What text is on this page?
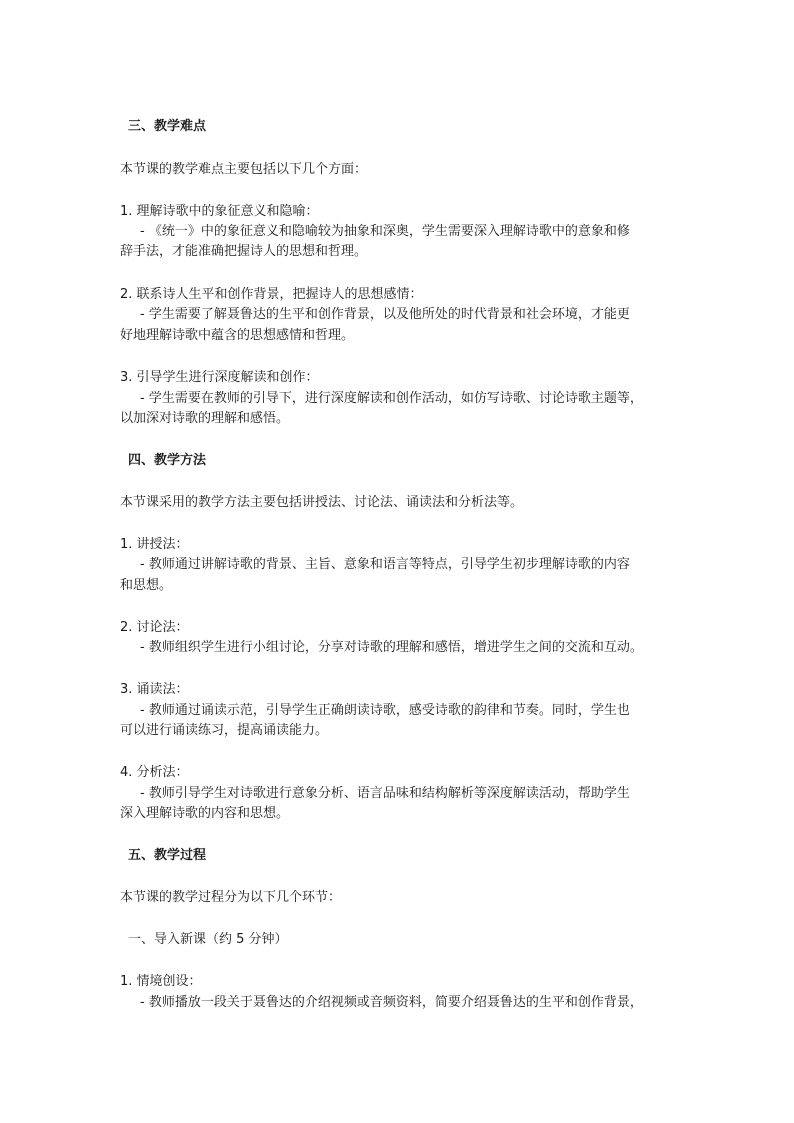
三、教学难点
本节课的教学难点主要包括以下几个方面：
1. 理解诗歌中的象征意义和隐喻：
- 《统一》中的象征意义和隐喻较为抽象和深奥，学生需要深入理解诗歌中的意象和修
辞手法，才能准确把握诗人的思想和哲理。
2. 联系诗人生平和创作背景，把握诗人的思想感情：
- 学生需要了解聂鲁达的生平和创作背景，以及他所处的时代背景和社会环境，才能更
好地理解诗歌中蕴含的思想感情和哲理。
3. 引导学生进行深度解读和创作：
- 学生需要在教师的引导下，进行深度解读和创作活动，如仿写诗歌、讨论诗歌主题等，
以加深对诗歌的理解和感悟。
四、教学方法
本节课采用的教学方法主要包括讲授法、讨论法、诵读法和分析法等。
1. 讲授法：
- 教师通过讲解诗歌的背景、主旨、意象和语言等特点，引导学生初步理解诗歌的内容
和思想。
2. 讨论法：
- 教师组织学生进行小组讨论，分享对诗歌的理解和感悟，增进学生之间的交流和互动。
3. 诵读法：
- 教师通过诵读示范，引导学生正确朗读诗歌，感受诗歌的韵律和节奏。同时，学生也
可以进行诵读练习，提高诵读能力。
4. 分析法：
- 教师引导学生对诗歌进行意象分析、语言品味和结构解析等深度解读活动，帮助学生
深入理解诗歌的内容和思想。
五、教学过程
本节课的教学过程分为以下几个环节：
一、导入新课（约 5 分钟）
1. 情境创设：
- 教师播放一段关于聂鲁达的介绍视频或音频资料，简要介绍聂鲁达的生平和创作背景，
